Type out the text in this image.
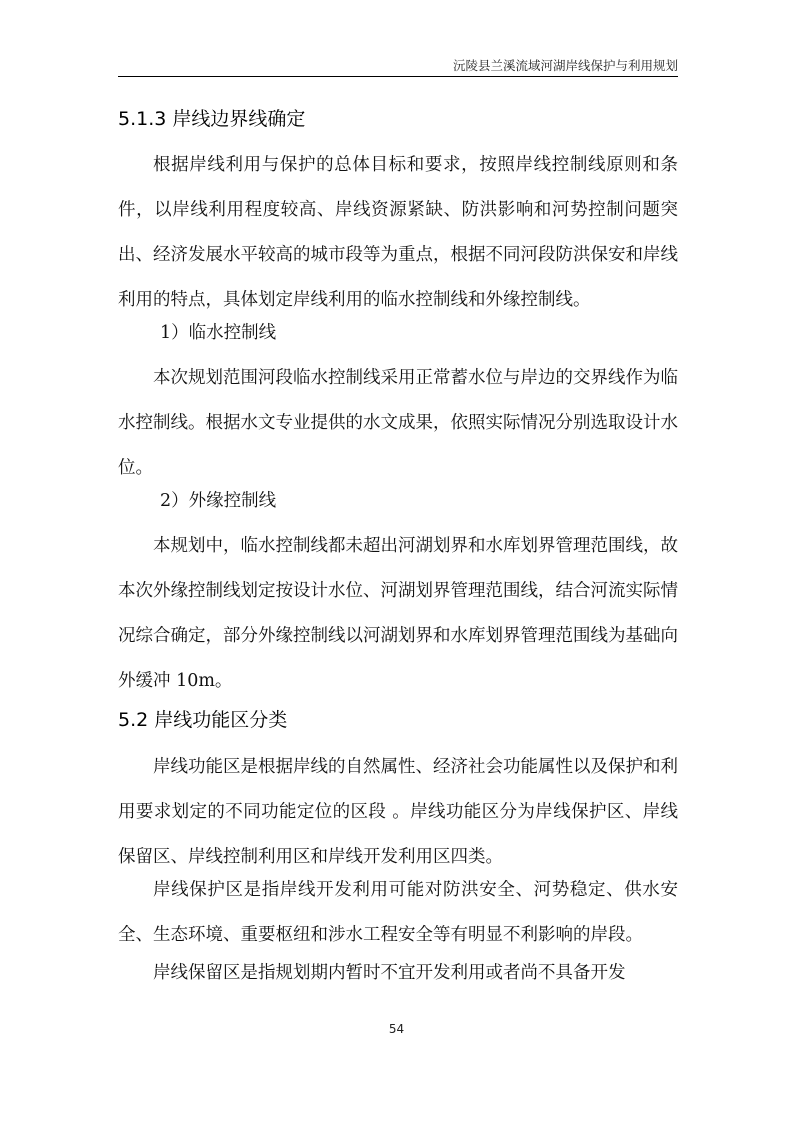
沅陵县兰溪流域河湖岸线保护与利用规划
5.1.3 岸线边界线确定

根据岸线利用与保护的总体目标和要求，按照岸线控制线原则和条件，以岸线利用程度较高、岸线资源紧缺、防洪影响和河势控制问题突出、经济发展水平较高的城市段等为重点，根据不同河段防洪保安和岸线利用的特点，具体划定岸线利用的临水控制线和外缘控制线。

1）临水控制线

本次规划范围河段临水控制线采用正常蓄水位与岸边的交界线作为临水控制线。根据水文专业提供的水文成果，依照实际情况分别选取设计水位。

2）外缘控制线

本规划中，临水控制线都未超出河湖划界和水库划界管理范围线，故本次外缘控制线划定按设计水位、河湖划界管理范围线，结合河流实际情况综合确定，部分外缘控制线以河湖划界和水库划界管理范围线为基础向外缓冲 10m。

5.2 岸线功能区分类

岸线功能区是根据岸线的自然属性、经济社会功能属性以及保护和利用要求划定的不同功能定位的区段 。岸线功能区分为岸线保护区、岸线保留区、岸线控制利用区和岸线开发利用区四类。

岸线保护区是指岸线开发利用可能对防洪安全、河势稳定、供水安全、生态环境、重要枢纽和涉水工程安全等有明显不利影响的岸段。

岸线保留区是指规划期内暂时不宜开发利用或者尚不具备开发

54
